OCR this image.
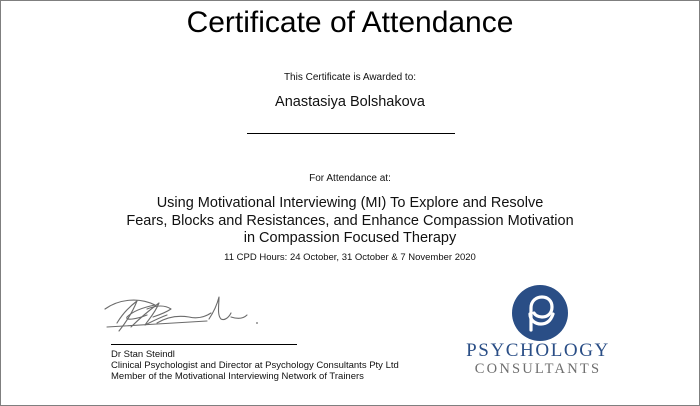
Certificate of Attendance
This Certificate is Awarded to:
Anastasiya Bolshakova
For Attendance at:
Using Motivational Interviewing (MI) To Explore and Resolve
Fears, Blocks and Resistances, and Enhance Compassion Motivation
in Compassion Focused Therapy
11 CPD Hours: 24 October, 31 October & 7 November 2020
Dr Stan Steindl
Clinical Psychologist and Director at Psychology Consultants Pty Ltd
Member of the Motivational Interviewing Network of Trainers
PSYCHOLOGY
CONSULTANTS
